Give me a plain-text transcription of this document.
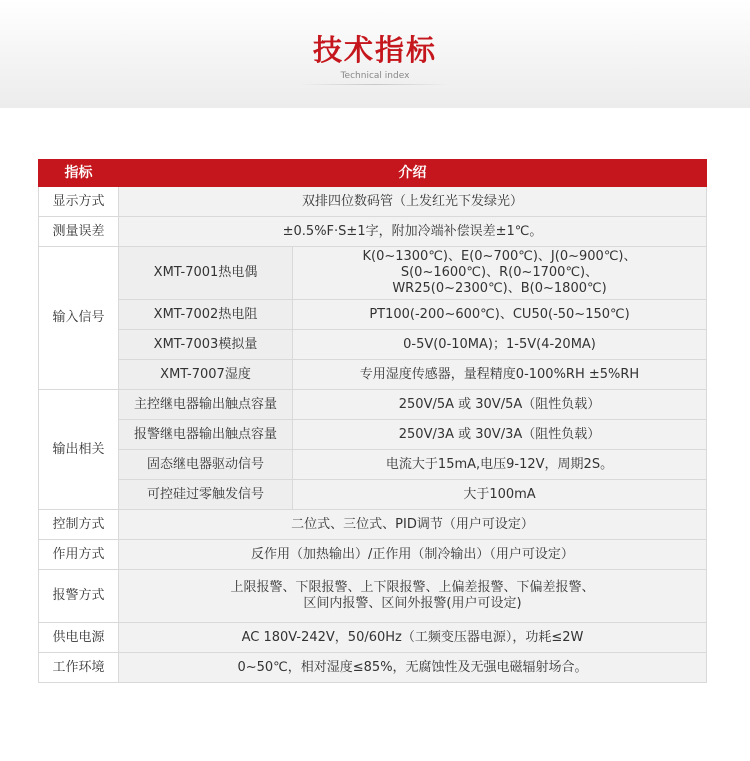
技术指标
Technical index
指标	介绍	
显示方式	双排四位数码管（上发红光下发绿光）	
测量误差	±0.5%F·S±1字，附加冷端补偿误差±1℃。	
输入信号	XMT-7001热电偶	K(0~1300℃)、E(0~700℃)、J(0~900℃)、
S(0~1600℃)、R(0~1700℃)、
WR25(0~2300℃)、B(0~1800℃)

	XMT-7002热电阻	PT100(-200~600℃)、CU50(-50~150℃)
	XMT-7003模拟量	0-5V(0-10MA)；1-5V(4-20MA)
	XMT-7007湿度	专用湿度传感器，量程精度0-100%RH ±5%RH
输出相关	主控继电器输出触点容量	250V/5A 或 30V/5A（阻性负载）
	报警继电器输出触点容量	250V/3A 或 30V/3A（阻性负载）
	固态继电器驱动信号	电流大于15mA,电压9-12V，周期2S。
	可控硅过零触发信号	大于100mA
控制方式	二位式、三位式、PID调节（用户可设定）	
作用方式	反作用（加热输出）/正作用（制冷输出）（用户可设定）	
报警方式	上限报警、下限报警、上下限报警、上偏差报警、下偏差报警、
区间内报警、区间外报警(用户可设定)	

供电电源	AC 180V-242V，50/60Hz（工频变压器电源），功耗≤2W	
工作环境	0~50℃，相对湿度≤85%，无腐蚀性及无强电磁辐射场合。	
